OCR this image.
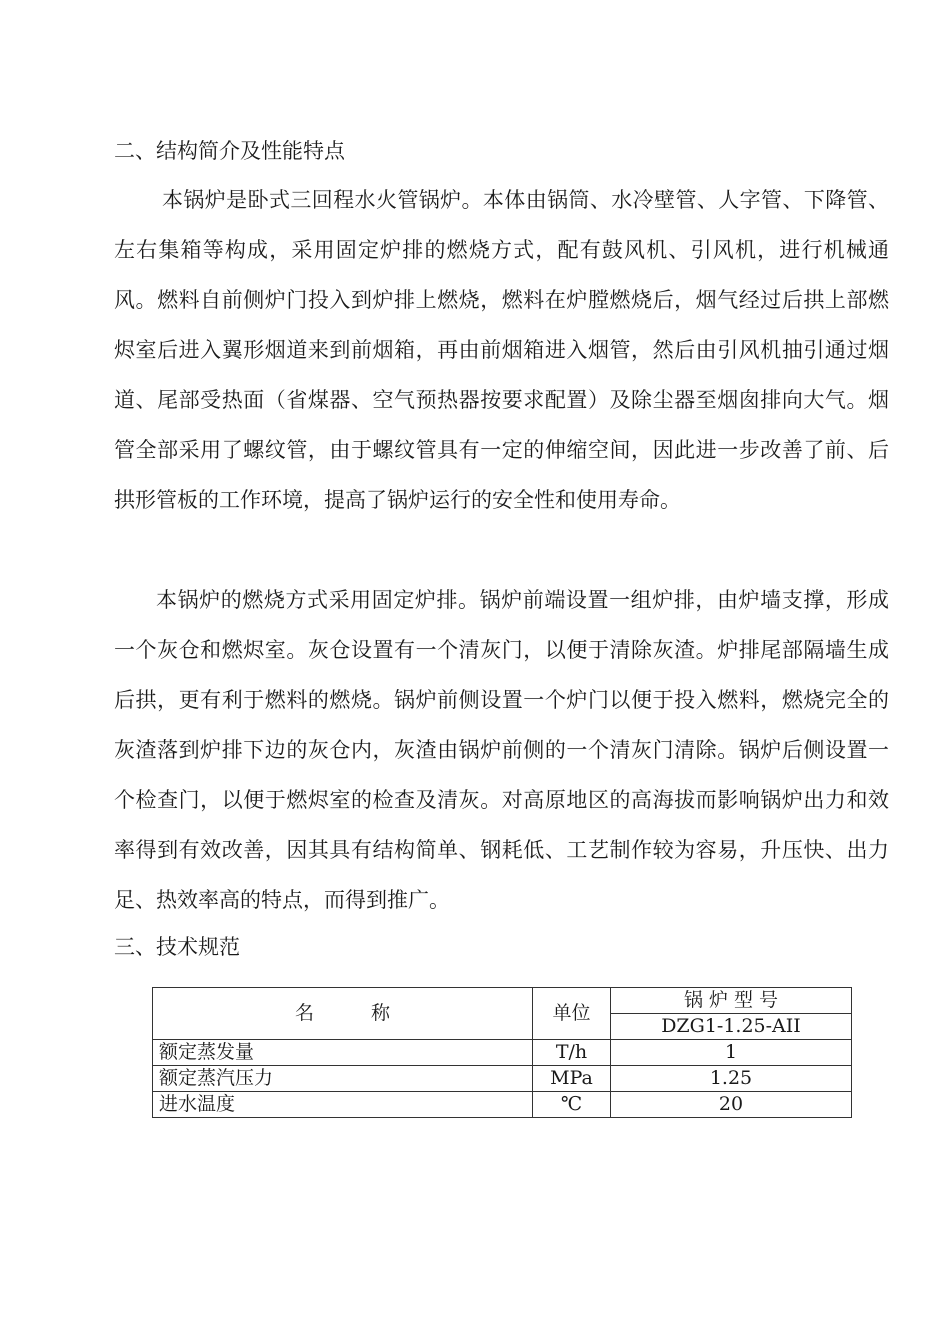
二、结构简介及性能特点

本锅炉是卧式三回程水火管锅炉。本体由锅筒、水冷壁管、人字管、下降管、左右集箱等构成，采用固定炉排的燃烧方式，配有鼓风机、引风机，进行机械通风。燃料自前侧炉门投入到炉排上燃烧，燃料在炉膛燃烧后，烟气经过后拱上部燃烬室后进入翼形烟道来到前烟箱，再由前烟箱进入烟管，然后由引风机抽引通过烟道、尾部受热面（省煤器、空气预热器按要求配置）及除尘器至烟囱排向大气。烟管全部采用了螺纹管，由于螺纹管具有一定的伸缩空间，因此进一步改善了前、后拱形管板的工作环境，提高了锅炉运行的安全性和使用寿命。

本锅炉的燃烧方式采用固定炉排。锅炉前端设置一组炉排，由炉墙支撑，形成一个灰仓和燃烬室。灰仓设置有一个清灰门，以便于清除灰渣。炉排尾部隔墙生成后拱，更有利于燃料的燃烧。锅炉前侧设置一个炉门以便于投入燃料，燃烧完全的灰渣落到炉排下边的灰仓内，灰渣由锅炉前侧的一个清灰门清除。锅炉后侧设置一个检查门，以便于燃烬室的检查及清灰。对高原地区的高海拔而影响锅炉出力和效率得到有效改善，因其具有结构简单、钢耗低、工艺制作较为容易，升压快、出力足、热效率高的特点，而得到推广。

三、技术规范
名　　　称	单位	锅 炉 型 号
		DZG1-1.25-AII
额定蒸发量	T/h	1
额定蒸汽压力	MPa	1.25
进水温度	℃	20
